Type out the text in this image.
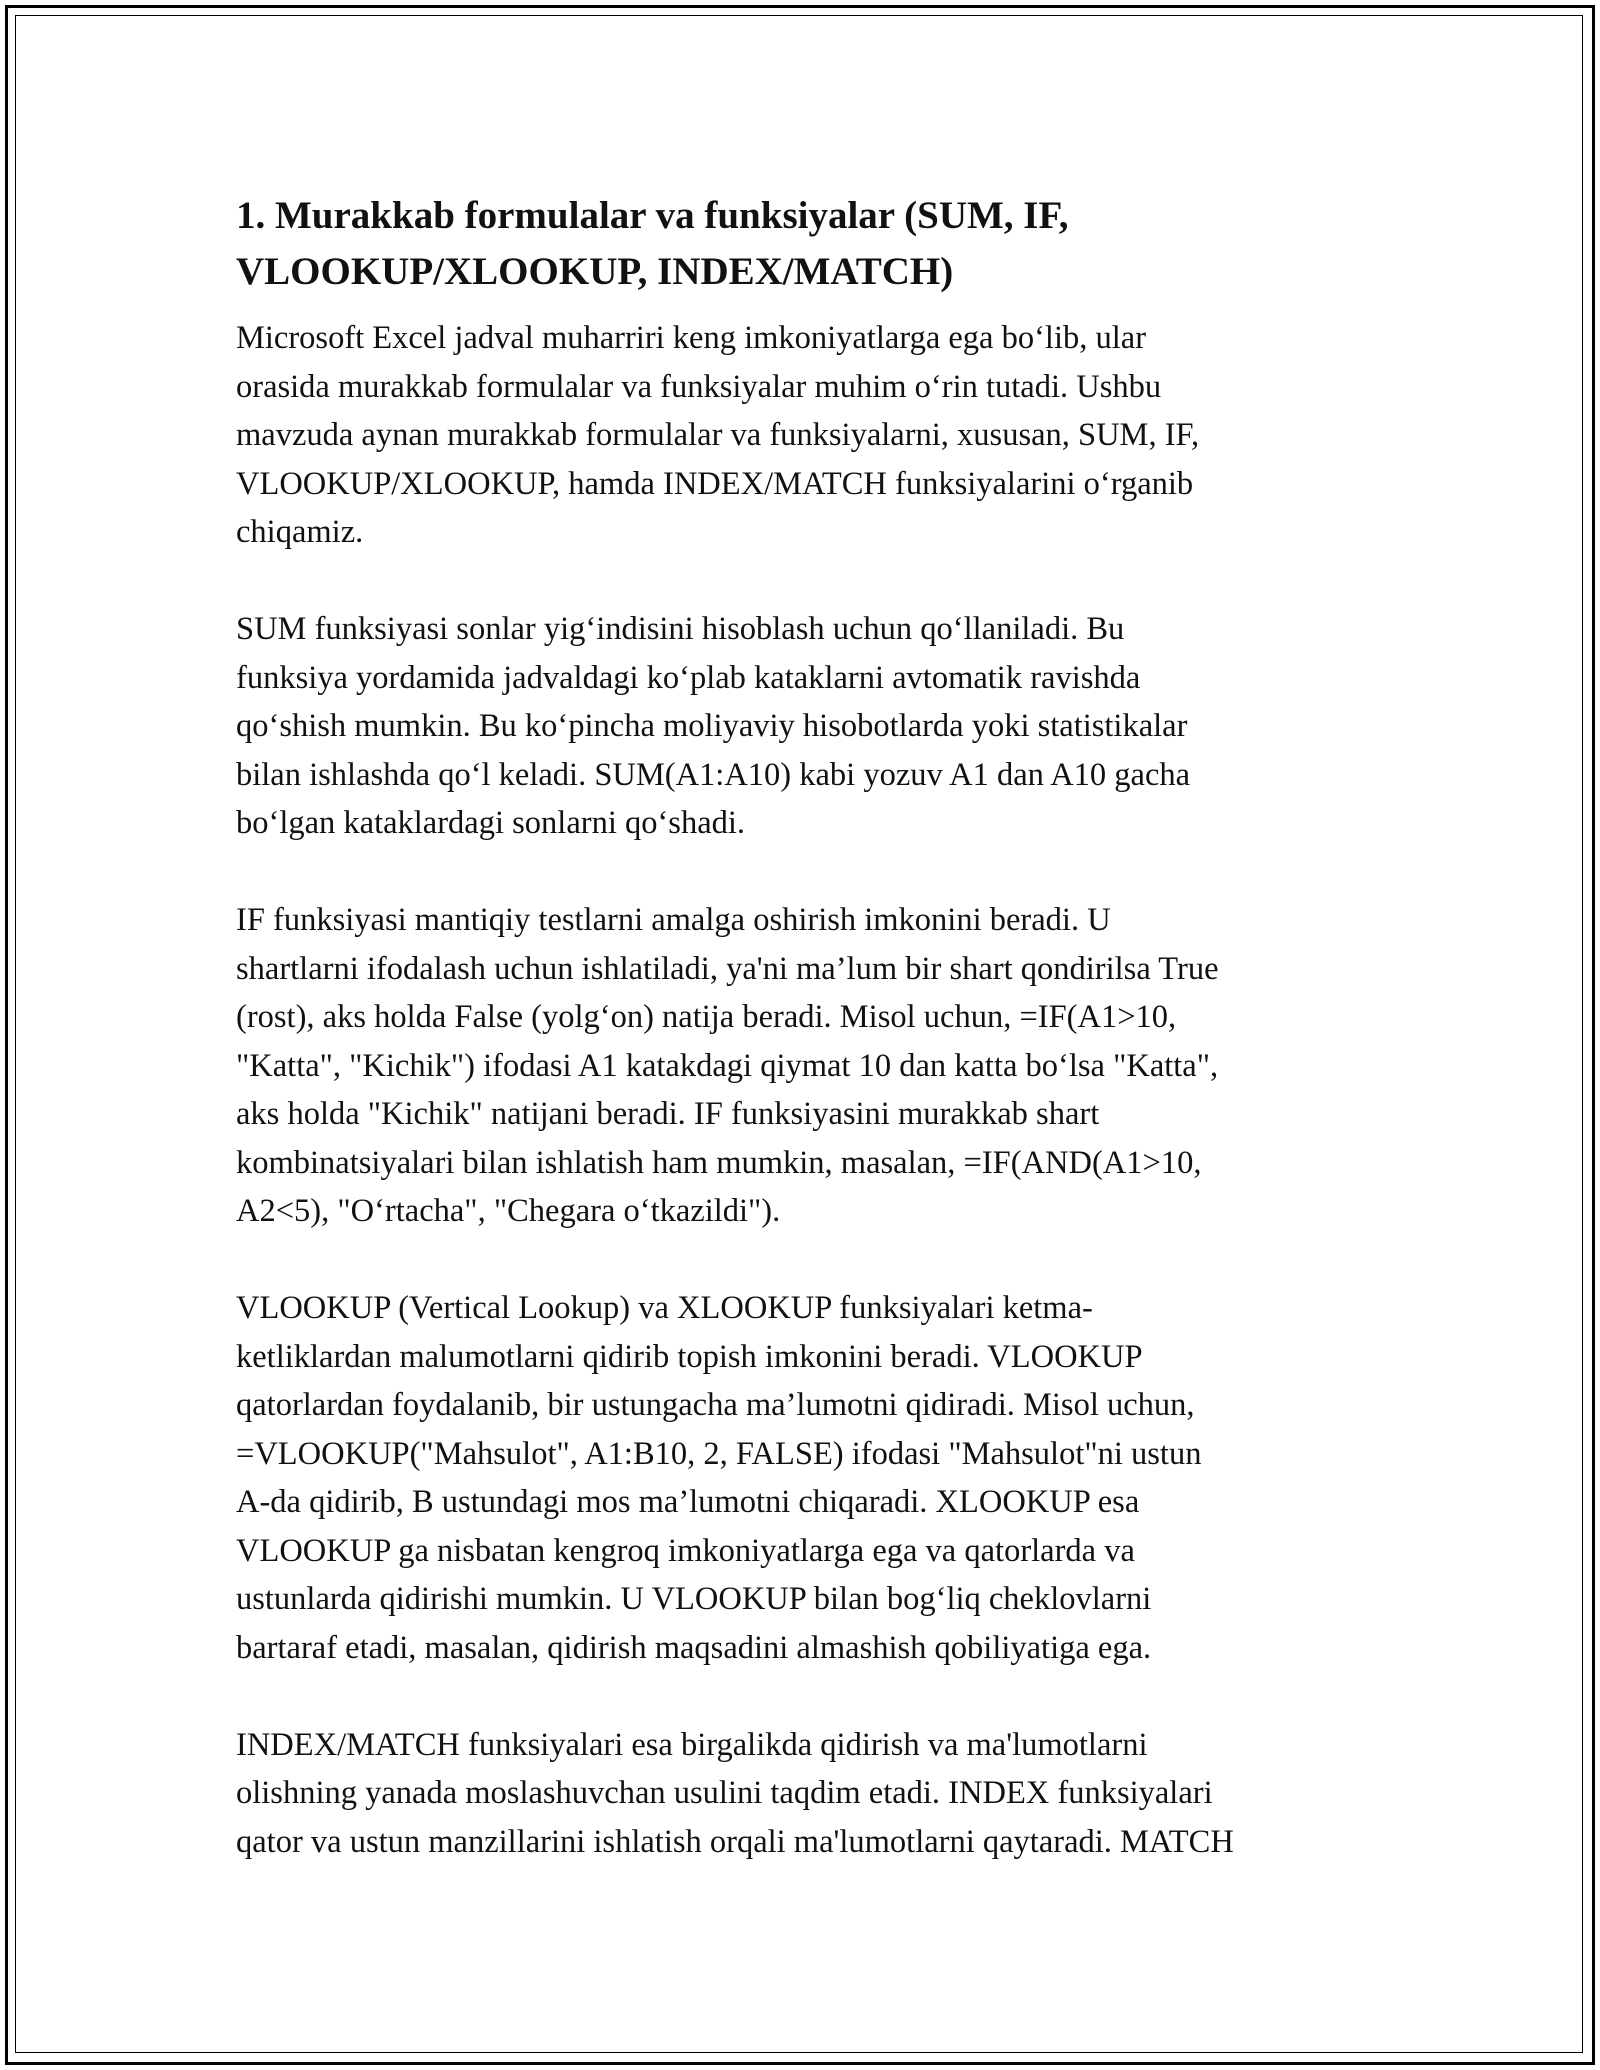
1. Murakkab formulalar va funksiyalar (SUM, IF,
VLOOKUP/XLOOKUP, INDEX/MATCH)
Microsoft Excel jadval muharriri keng imkoniyatlarga ega bo‘lib, ular
orasida murakkab formulalar va funksiyalar muhim o‘rin tutadi. Ushbu
mavzuda aynan murakkab formulalar va funksiyalarni, xususan, SUM, IF,
VLOOKUP/XLOOKUP, hamda INDEX/MATCH funksiyalarini o‘rganib
chiqamiz.
SUM funksiyasi sonlar yig‘indisini hisoblash uchun qo‘llaniladi. Bu
funksiya yordamida jadvaldagi ko‘plab kataklarni avtomatik ravishda
qo‘shish mumkin. Bu ko‘pincha moliyaviy hisobotlarda yoki statistikalar
bilan ishlashda qo‘l keladi. SUM(A1:A10) kabi yozuv A1 dan A10 gacha
bo‘lgan kataklardagi sonlarni qo‘shadi.
IF funksiyasi mantiqiy testlarni amalga oshirish imkonini beradi. U
shartlarni ifodalash uchun ishlatiladi, ya'ni ma’lum bir shart qondirilsa True
(rost), aks holda False (yolg‘on) natija beradi. Misol uchun, =IF(A1>10,
"Katta", "Kichik") ifodasi A1 katakdagi qiymat 10 dan katta bo‘lsa "Katta",
aks holda "Kichik" natijani beradi. IF funksiyasini murakkab shart
kombinatsiyalari bilan ishlatish ham mumkin, masalan, =IF(AND(A1>10,
A2<5), "O‘rtacha", "Chegara o‘tkazildi").
VLOOKUP (Vertical Lookup) va XLOOKUP funksiyalari ketma-
ketliklardan malumotlarni qidirib topish imkonini beradi. VLOOKUP
qatorlardan foydalanib, bir ustungacha ma’lumotni qidiradi. Misol uchun,
=VLOOKUP("Mahsulot", A1:B10, 2, FALSE) ifodasi "Mahsulot"ni ustun
A-da qidirib, B ustundagi mos ma’lumotni chiqaradi. XLOOKUP esa
VLOOKUP ga nisbatan kengroq imkoniyatlarga ega va qatorlarda va
ustunlarda qidirishi mumkin. U VLOOKUP bilan bog‘liq cheklovlarni
bartaraf etadi, masalan, qidirish maqsadini almashish qobiliyatiga ega.
INDEX/MATCH funksiyalari esa birgalikda qidirish va ma'lumotlarni
olishning yanada moslashuvchan usulini taqdim etadi. INDEX funksiyalari
qator va ustun manzillarini ishlatish orqali ma'lumotlarni qaytaradi. MATCH
